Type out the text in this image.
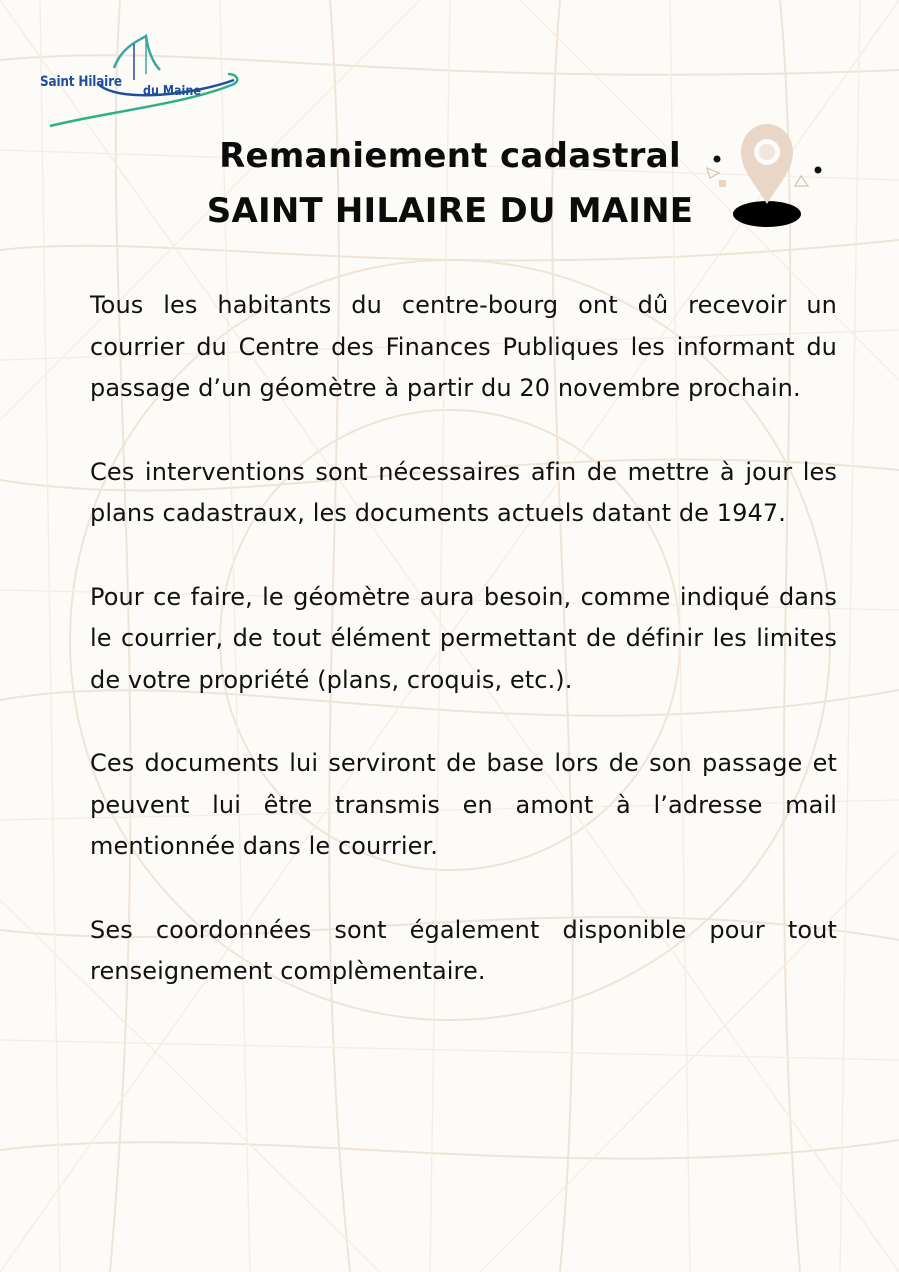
Saint Hilaire
du Maine
Remaniement cadastral
SAINT HILAIRE DU MAINE

Tous les habitants du centre-bourg ont dû recevoir un courrier du Centre des Finances Publiques les informant du passage d’un géomètre à partir du 20 novembre prochain.

Ces interventions sont nécessaires afin de mettre à jour les plans cadastraux, les documents actuels datant de 1947.

Pour ce faire, le géomètre aura besoin, comme indiqué dans le courrier, de tout élément permettant de définir les limites de votre propriété (plans, croquis, etc.).

Ces documents lui serviront de base lors de son passage et peuvent lui être transmis en amont à l’adresse mail mentionnée dans le courrier.

Ses coordonnées sont également disponible pour tout renseignement complèmentaire.
